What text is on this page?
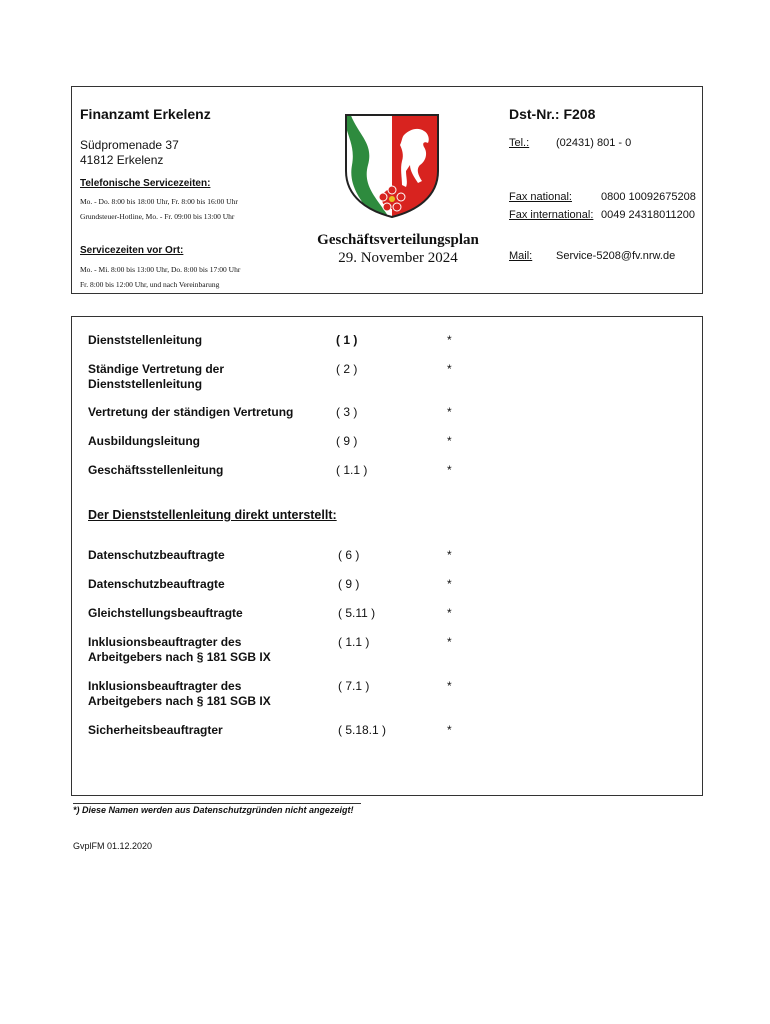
Finanzamt Erkelenz	Dst-Nr.: F208
Südpromenade 37
41812 Erkelenz
Telefonische Servicezeiten:
Mo. - Do. 8:00 bis 18:00 Uhr, Fr. 8:00 bis 16:00 Uhr
Grundsteuer-Hotline, Mo. - Fr. 09:00 bis 13:00 Uhr
Servicezeiten vor Ort:
Mo. - Mi. 8:00 bis 13:00 Uhr, Do. 8:00 bis 17:00 Uhr
Fr. 8:00 bis 12:00 Uhr, und nach Vereinbarung
Geschäftsverteilungsplan
29. November 2024
Tel.: (02431) 801 - 0
Fax national:	0800 10092675208
Fax international: 0049 24318011200
Mail: Service-5208@fv.nrw.de
Dienststellenleitung	( 1 )	*
Ständige Vertretung der
Dienststellenleitung
( 2 )	*
Vertretung der ständigen Vertretung	( 3 )	*
Ausbildungsleitung	( 9 )	*
Geschäftsstellenleitung	( 1.1 )	*
Der Dienststellenleitung direkt unterstellt:
Datenschutzbeauftragte	( 6 )	*
Datenschutzbeauftragte	( 9 )	*
Gleichstellungsbeauftragte	( 5.11 )	*
Inklusionsbeauftragter des
Arbeitgebers nach § 181 SGB IX
( 1.1 )	*
Inklusionsbeauftragter des
Arbeitgebers nach § 181 SGB IX
( 7.1 )	*
Sicherheitsbeauftragter	( 5.18.1 )	*
*) Diese Namen werden aus Datenschutzgründen nicht angezeigt!
GvplFM 01.12.2020
